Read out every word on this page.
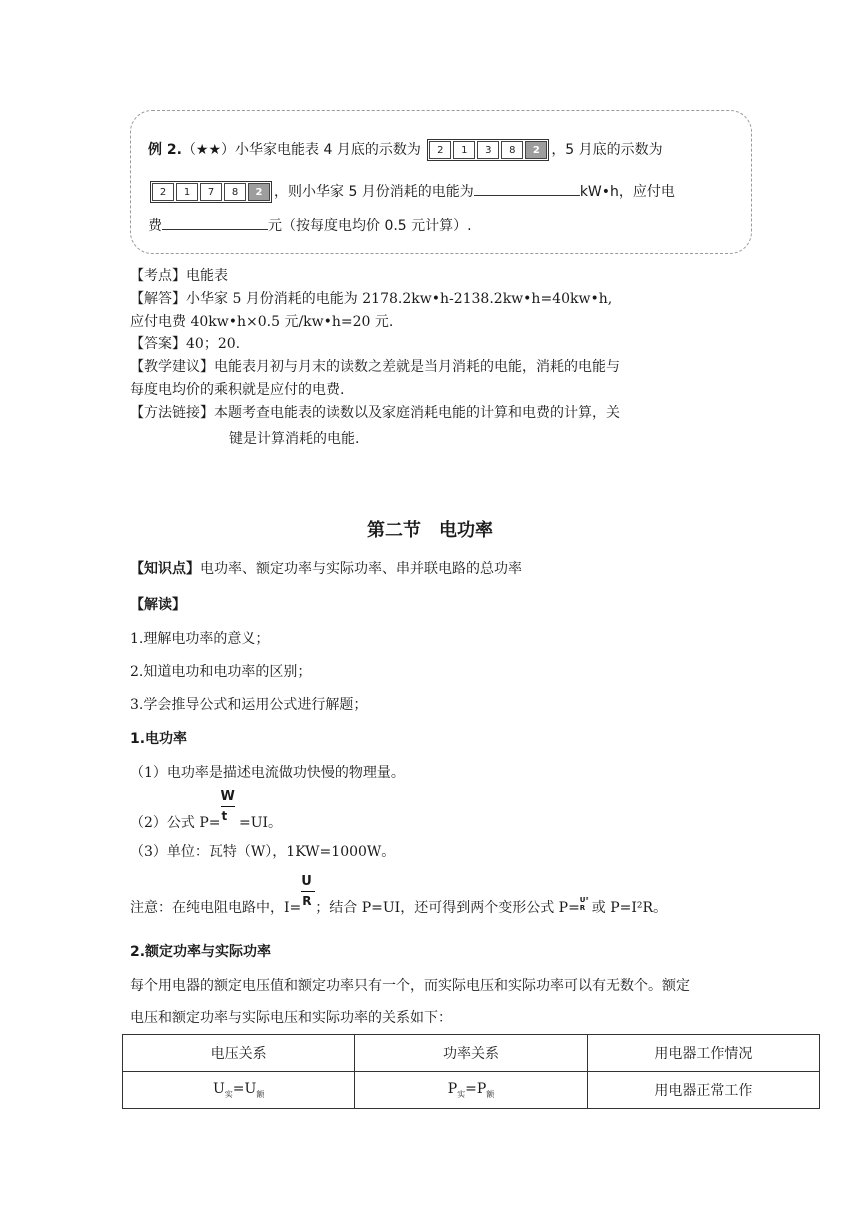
例 2.（★★）小华家电能表 4 月底的示数为	2	1	3	8	2 ，5 月底的示数为
2	1	7	8	2 ，则小华家 5 月份消耗的电能为	kW•h，应付电
费	元（按每度电均价 0.5 元计算）.
【考点】电能表
【解答】小华家 5 月份消耗的电能为 2178.2kw•h-2138.2kw•h=40kw•h,
应付电费 40kw•h×0.5 元/kw•h=20 元.
【答案】40；20.
【教学建议】电能表月初与月末的读数之差就是当月消耗的电能，消耗的电能与
每度电均价的乘积就是应付的电费.
【方法链接】本题考查电能表的读数以及家庭消耗电能的计算和电费的计算，关
键是计算消耗的电能.
第二节　电功率
【知识点】电功率、额定功率与实际功率、串并联电路的总功率
【解读】
1.理解电功率的意义；
2.知道电功和电功率的区别；
3.学会推导公式和运用公式进行解题；
1.电功率
（1）电功率是描述电流做功快慢的物理量。
（2）公式 $P= \frac{W}{t} =UI$。
（3）单位：瓦特（W），1KW=1000W。
注意：在纯电阻电路中，$I= \frac{U}{R}$ ；结合 P=UI，还可得到两个变形公式 P= U²
R 或 P=I²R。
2.额定功率与实际功率
每个用电器的额定电压值和额定功率只有一个，而实际电压和实际功率可以有无数个。额定
电压和额定功率与实际电压和实际功率的关系如下：
电压关系	功率关系	用电器工作情况
$U_实=U_额$	$P_实=P_额$	用电器正常工作
